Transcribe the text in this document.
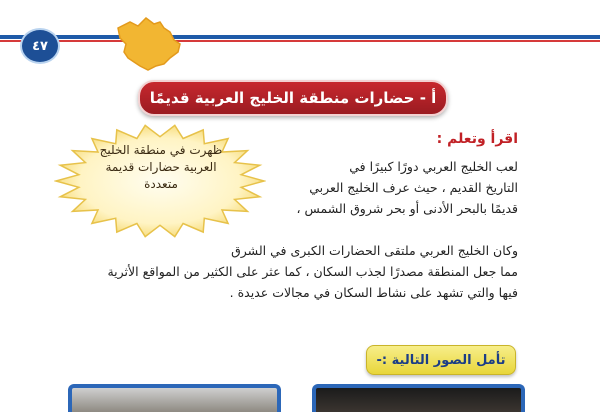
٤٧
أ - حضارات منطقة الخليج العربية قديمًا
ظهرت في منطقة الخليج
العربية حضارات قديمة
متعددة
اقرأ وتعلم :
لعب الخليج العربي دورًا كبيرًا في
التاريخ القديم ، حيث عرف الخليج العربي
قديمًا بالبحر الأدنى أو بحر شروق الشمس ،
وكان الخليج العربي ملتقى الحضارات الكبرى في الشرق
مما جعل المنطقة مصدرًا لجذب السكان ، كما عثر على الكثير من المواقع الأثرية
فيها والتي تشهد على نشاط السكان في مجالات عديدة .
تأمل الصور التالية :-
